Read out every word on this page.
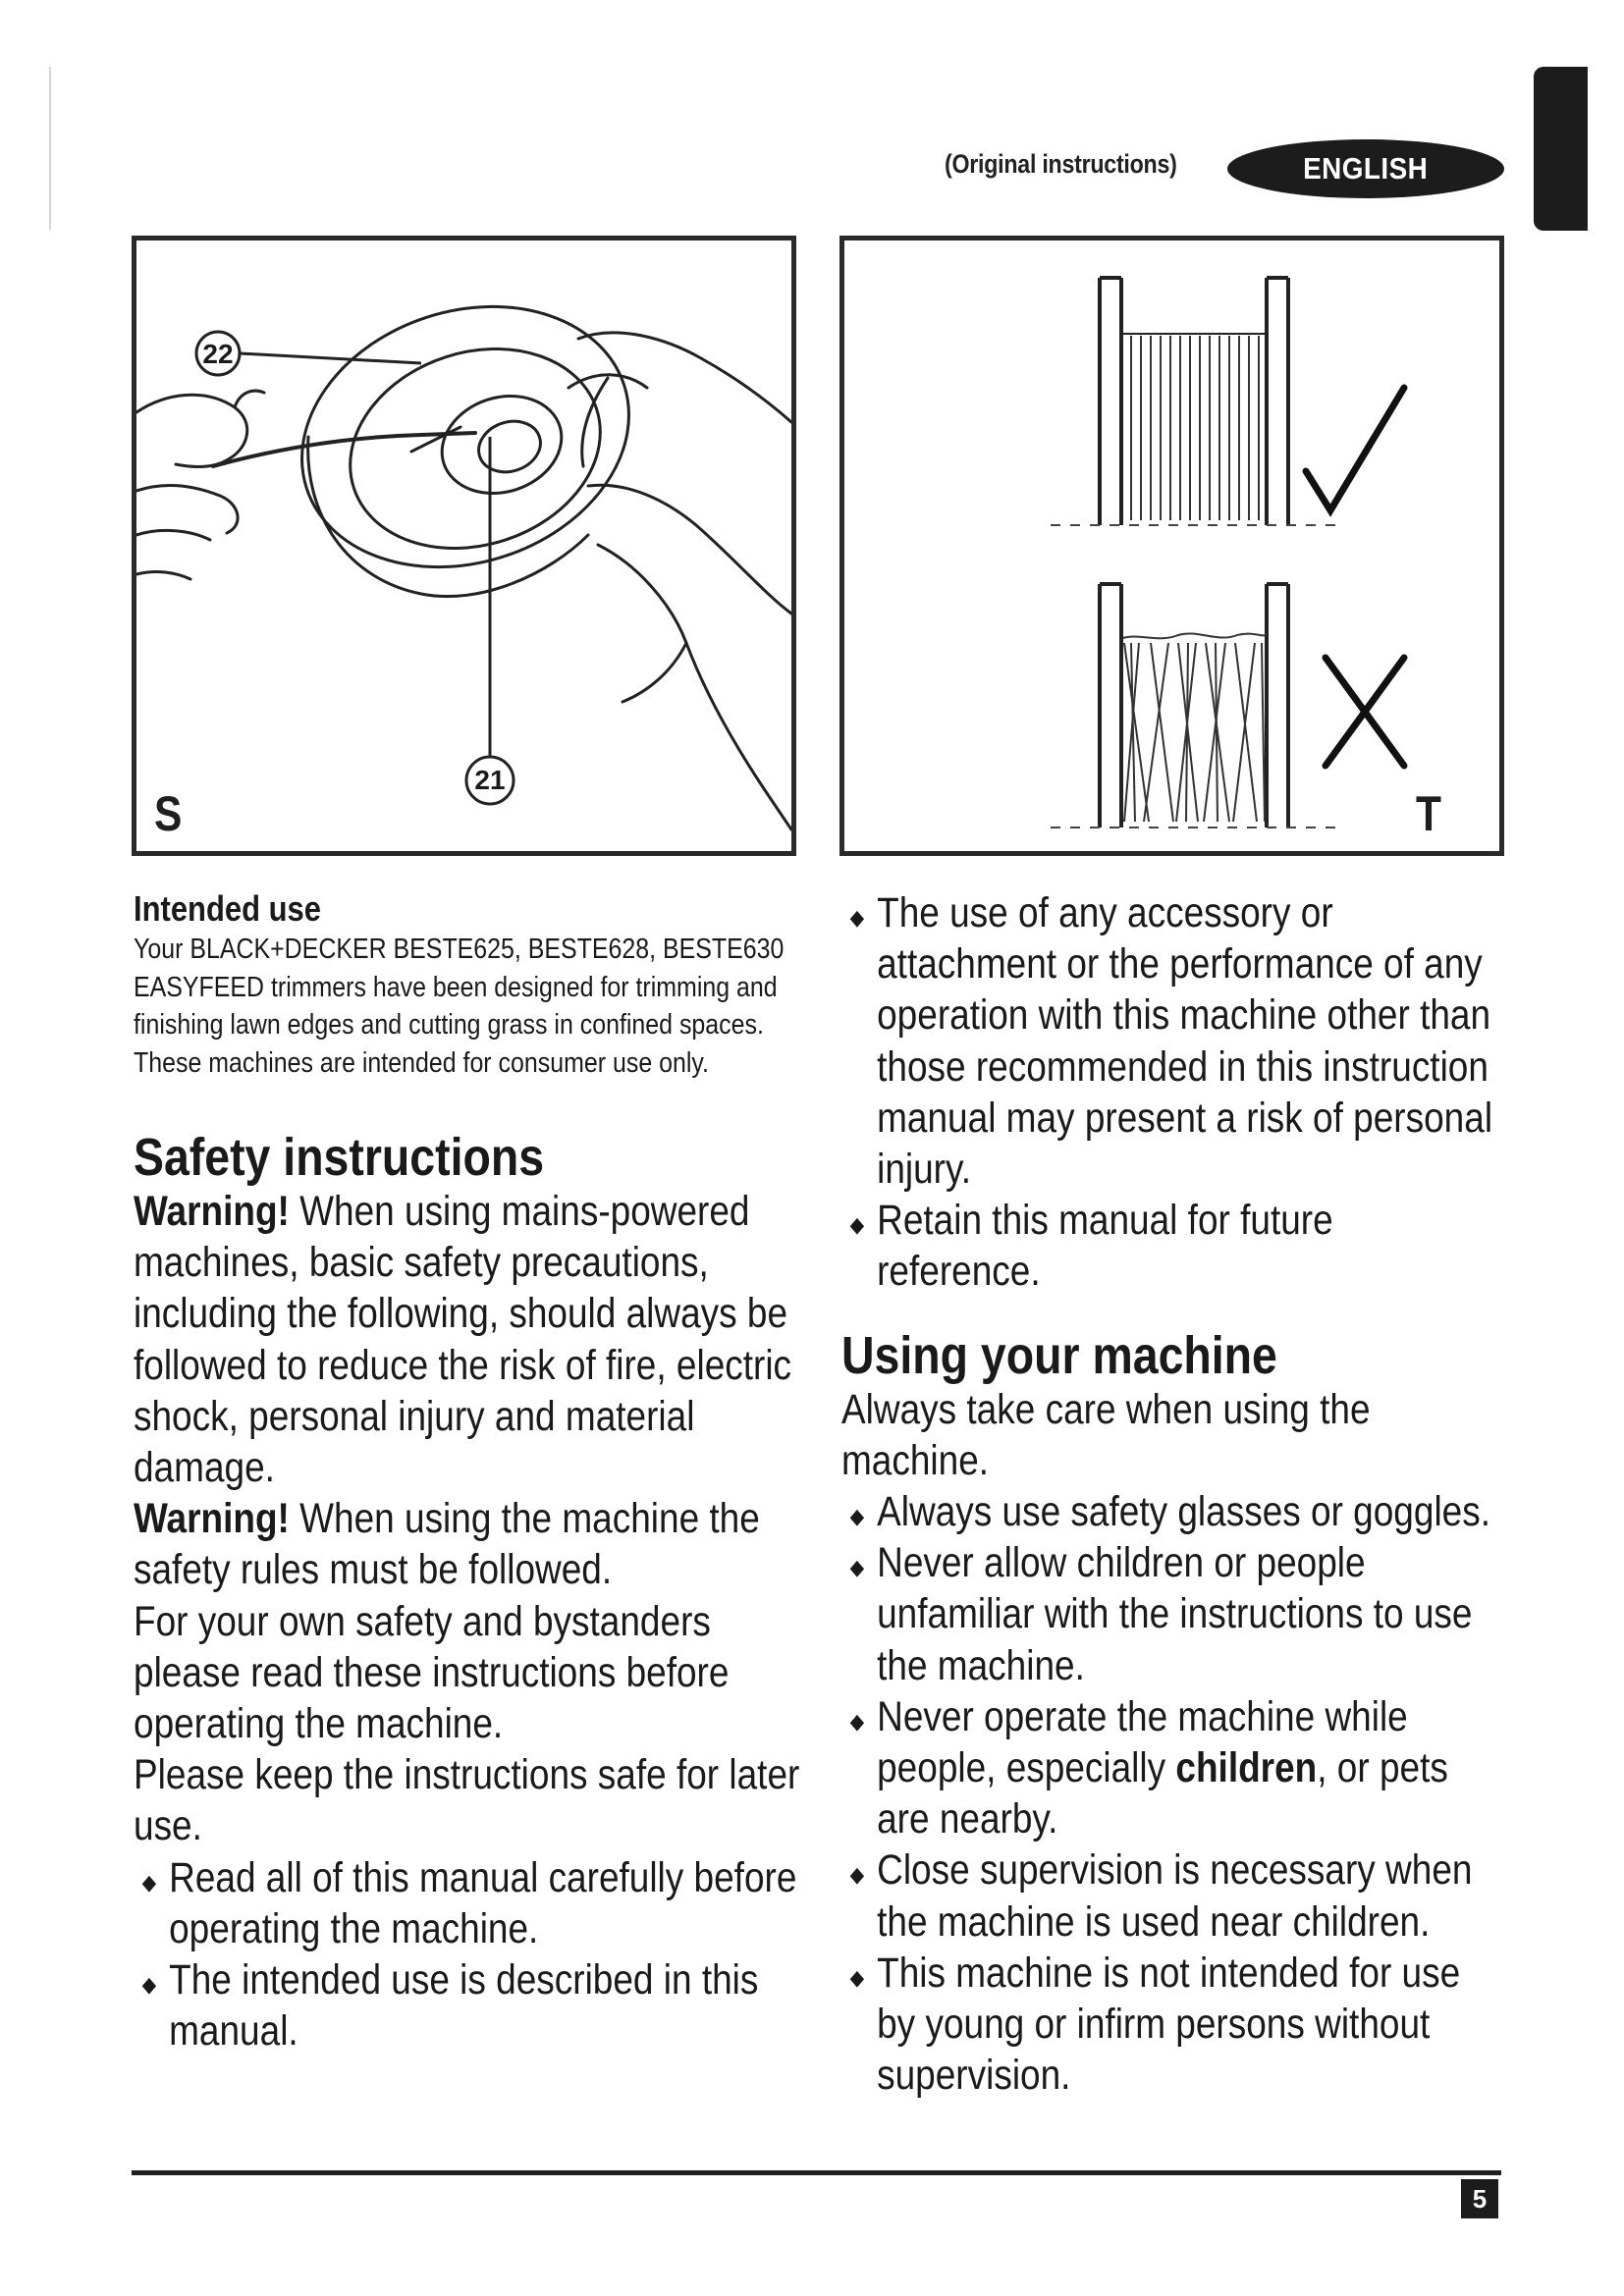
(Original instructions)	ENGLISH
22
21
S	T
Intended use
Your BLACK+DECKER BESTE625, BESTE628, BESTE630
EASYFEED trimmers have been designed for trimming and
finishing lawn edges and cutting grass in confined spaces.
These machines are intended for consumer use only.
Safety instructions
Warning! When using mains-powered
machines, basic safety precautions,
including the following, should always be
followed to reduce the risk of fire, electric
shock, personal injury and material
damage.
Warning! When using the machine the
safety rules must be followed.
For your own safety and bystanders
please read these instructions before
operating the machine.
Please keep the instructions safe for later
use.
◆ Read all of this manual carefully before
operating the machine.
◆ The intended use is described in this
manual.
◆ The use of any accessory or
attachment or the performance of any
operation with this machine other than
those recommended in this instruction
manual may present a risk of personal
injury.
◆ Retain this manual for future
reference.
Using your machine
Always take care when using the
machine.
◆ Always use safety glasses or goggles.
◆ Never allow children or people
unfamiliar with the instructions to use
the machine.
◆ Never operate the machine while
people, especially children, or pets
are nearby.
◆ Close supervision is necessary when
the machine is used near children.
◆ This machine is not intended for use
by young or infirm persons without
supervision.
5
